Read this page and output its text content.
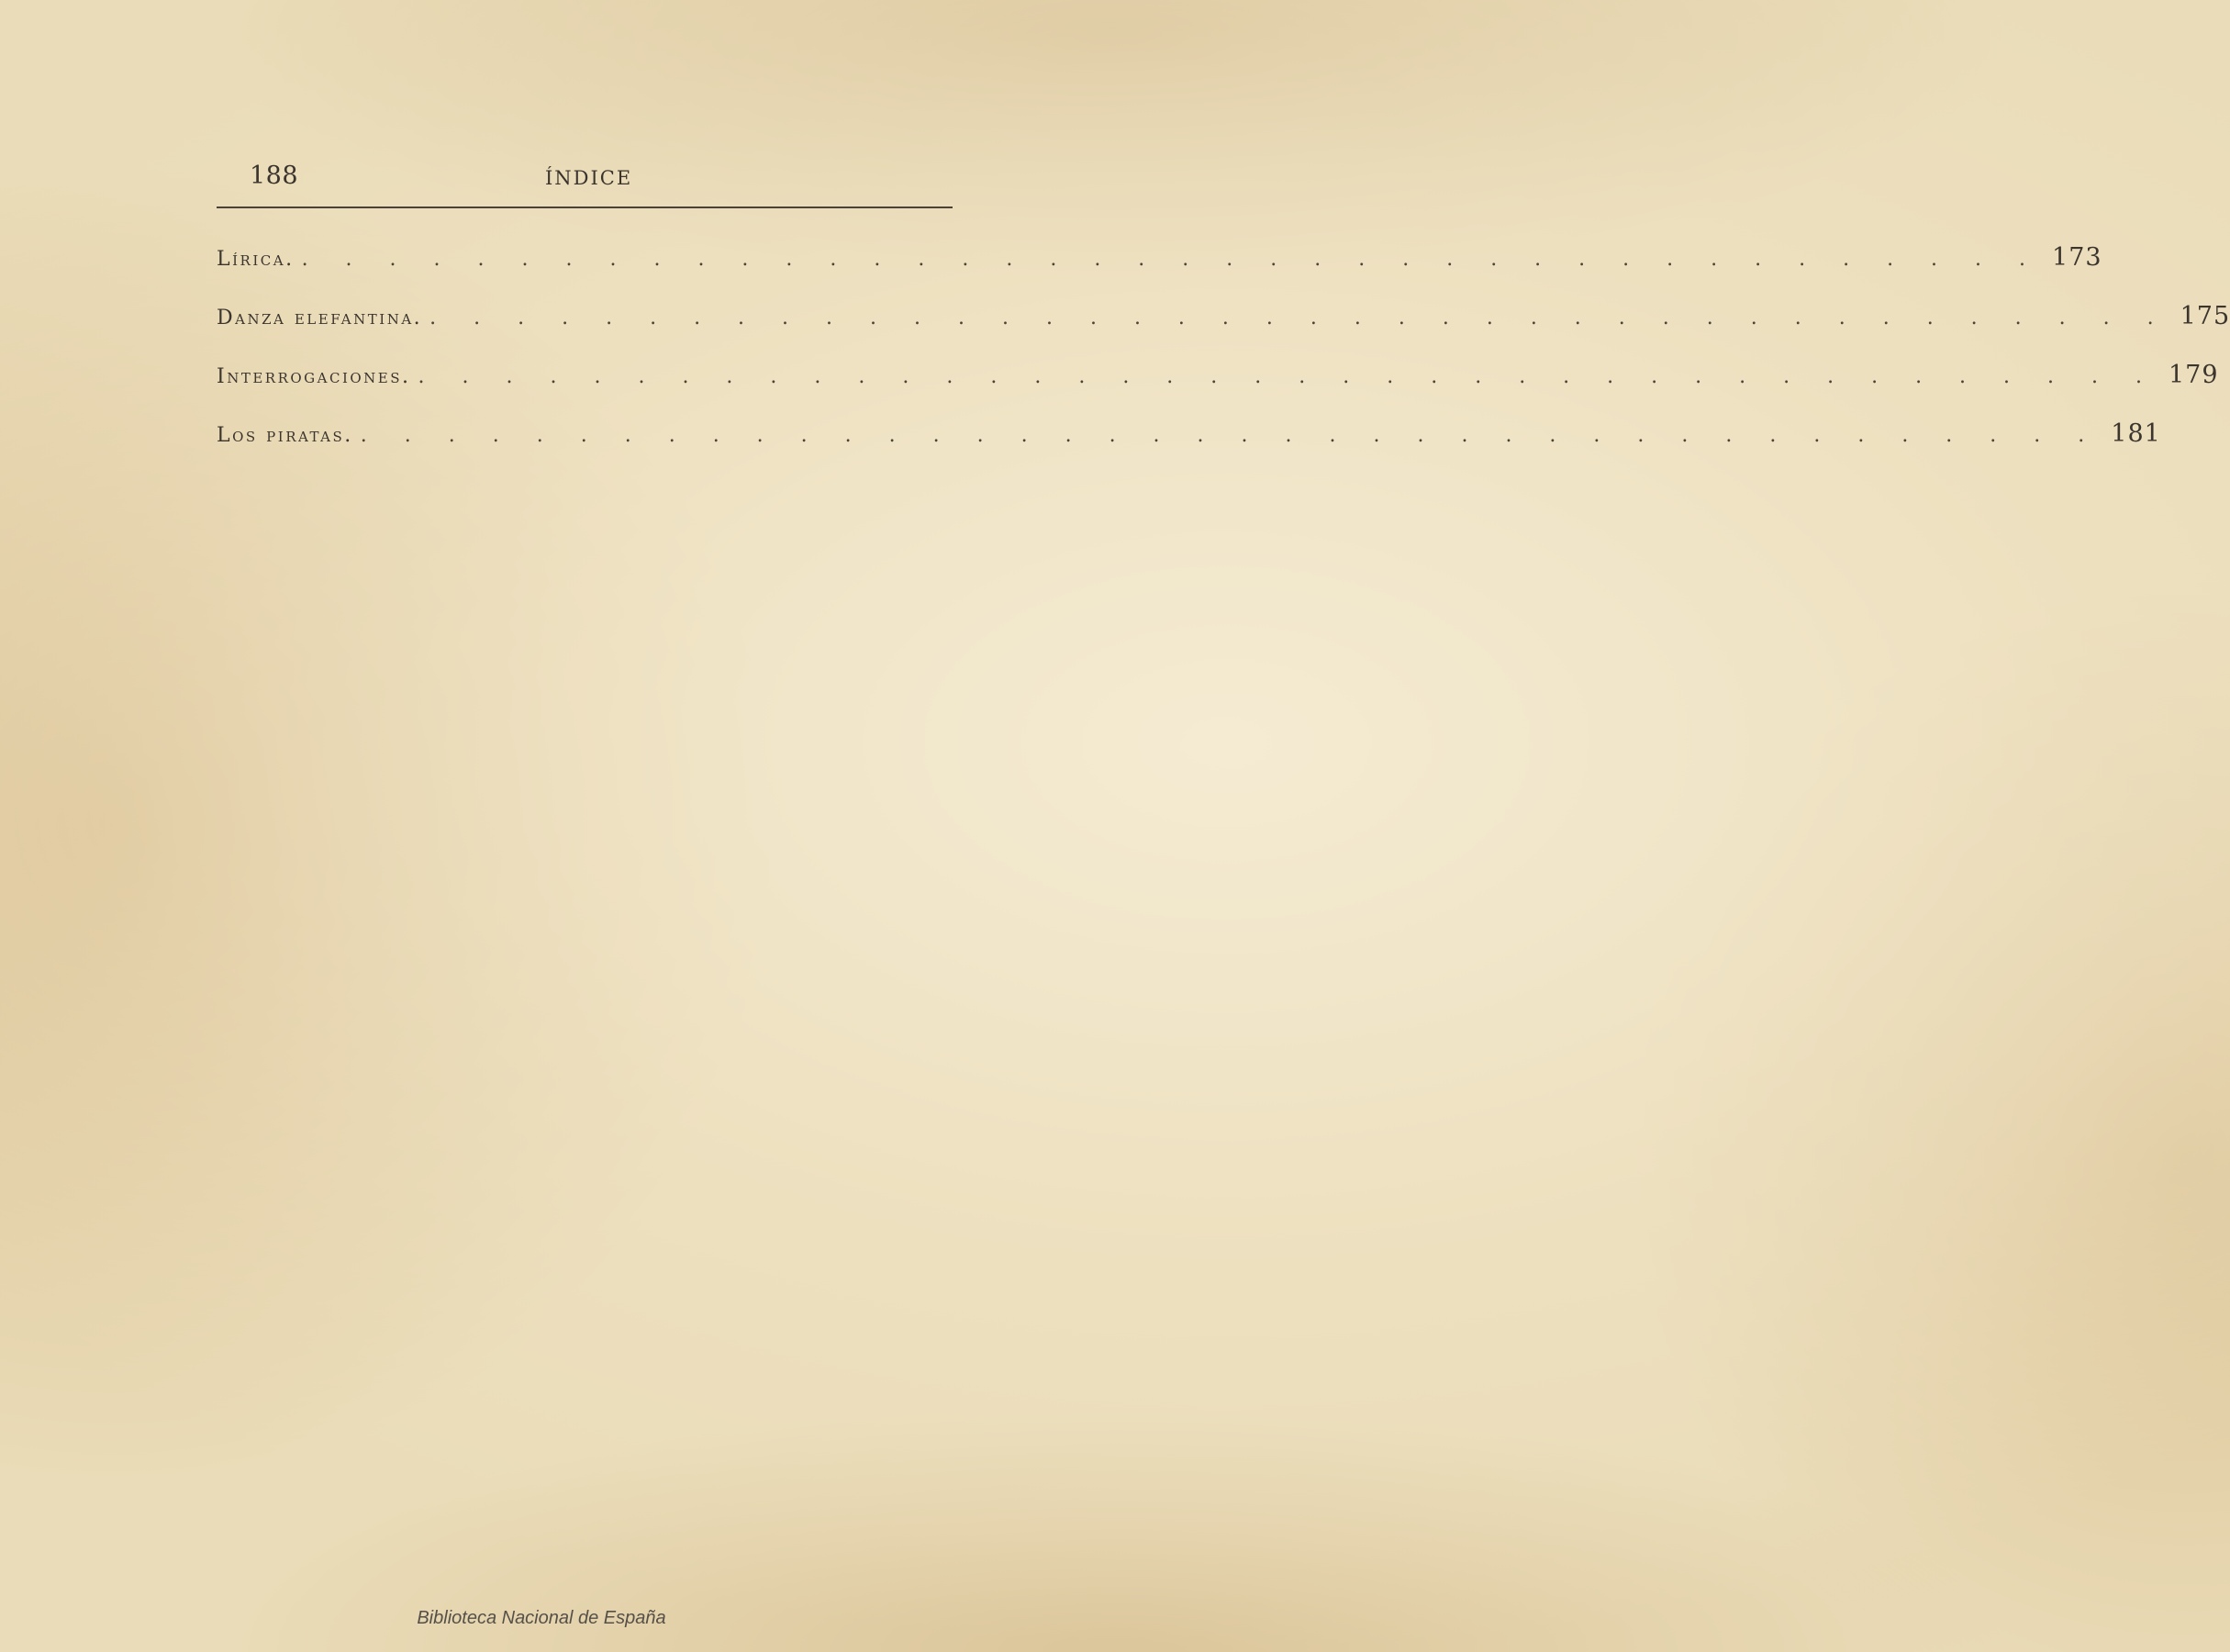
188	ÍNDICE
Lírica. . . . . . . . . . . . . . . . . . . . . . . . . . . . . . . . . . . . . . . . . 173
Danza elefantina. . . . . . . . . . . . . . . . . . . . . . . . . . . . . . . . . . . . . . . . . 175
Interrogaciones. . . . . . . . . . . . . . . . . . . . . . . . . . . . . . . . . . . . . . . . . 179
Los piratas. . . . . . . . . . . . . . . . . . . . . . . . . . . . . . . . . . . . . . . . . 181
Biblioteca Nacional de España
